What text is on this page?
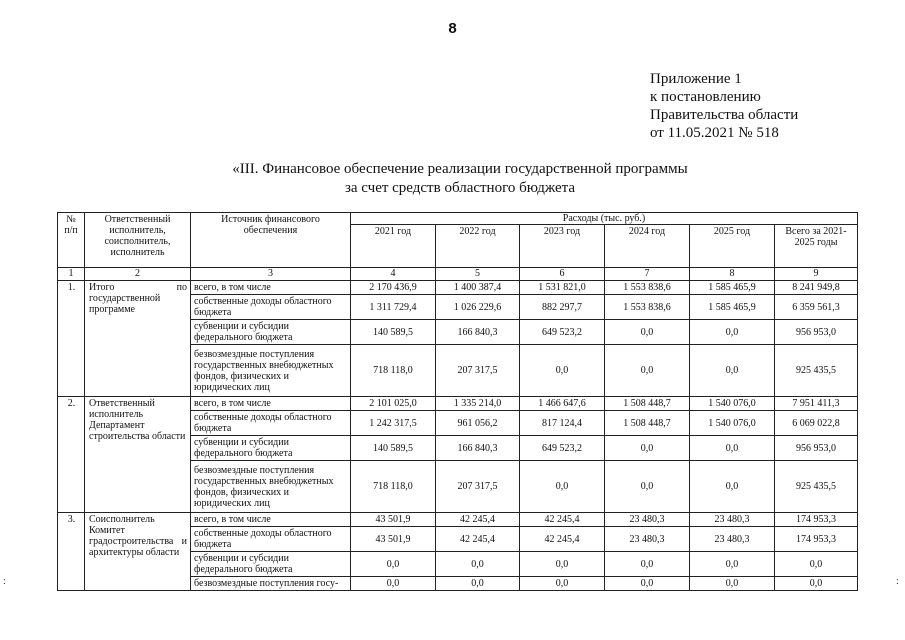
8
Приложение 1
к постановлению
Правительства области
от 11.05.2021 № 518
«III. Финансовое обеспечение реализации государственной программы
за счет средств областного бюджета
№ п/п	Ответственный исполнитель, соисполнитель, исполнитель	Источник финансового обеспечения	Расходы (тыс. руб.)					
			2021 год	2022 год	2023 год	2024 год	2025 год	Всего за 2021-2025 годы
1	2	3	4	5	6	7	8	9
1.	Итого по государственной программе	всего, в том числе	2 170 436,9	1 400 387,4	1 531 821,0	1 553 838,6	1 585 465,9	8 241 949,8
		собственные доходы областного бюджета	1 311 729,4	1 026 229,6	882 297,7	1 553 838,6	1 585 465,9	6 359 561,3
		субвенции и субсидии федерального бюджета	140 589,5	166 840,3	649 523,2	0,0	0,0	956 953,0
		безвозмездные поступления государственных внебюджетных фондов, физических и юридических лиц	718 118,0	207 317,5	0,0	0,0	0,0	925 435,5
2.	Ответственный исполнитель Департамент строительства области	всего, в том числе	2 101 025,0	1 335 214,0	1 466 647,6	1 508 448,7	1 540 076,0	7 951 411,3
		собственные доходы областного бюджета	1 242 317,5	961 056,2	817 124,4	1 508 448,7	1 540 076,0	6 069 022,8
		субвенции и субсидии федерального бюджета	140 589,5	166 840,3	649 523,2	0,0	0,0	956 953,0
		безвозмездные поступления государственных внебюджетных фондов, физических и юридических лиц	718 118,0	207 317,5	0,0	0,0	0,0	925 435,5
3.	Соисполнитель Комитет градостроительства и архитектуры области	всего, в том числе	43 501,9	42 245,4	42 245,4	23 480,3	23 480,3	174 953,3
		собственные доходы областного бюджета	43 501,9	42 245,4	42 245,4	23 480,3	23 480,3	174 953,3
		субвенции и субсидии федерального бюджета	0,0	0,0	0,0	0,0	0,0	0,0
		безвозмездные поступления госу-	0,0	0,0	0,0	0,0	0,0	0,0
:	:
